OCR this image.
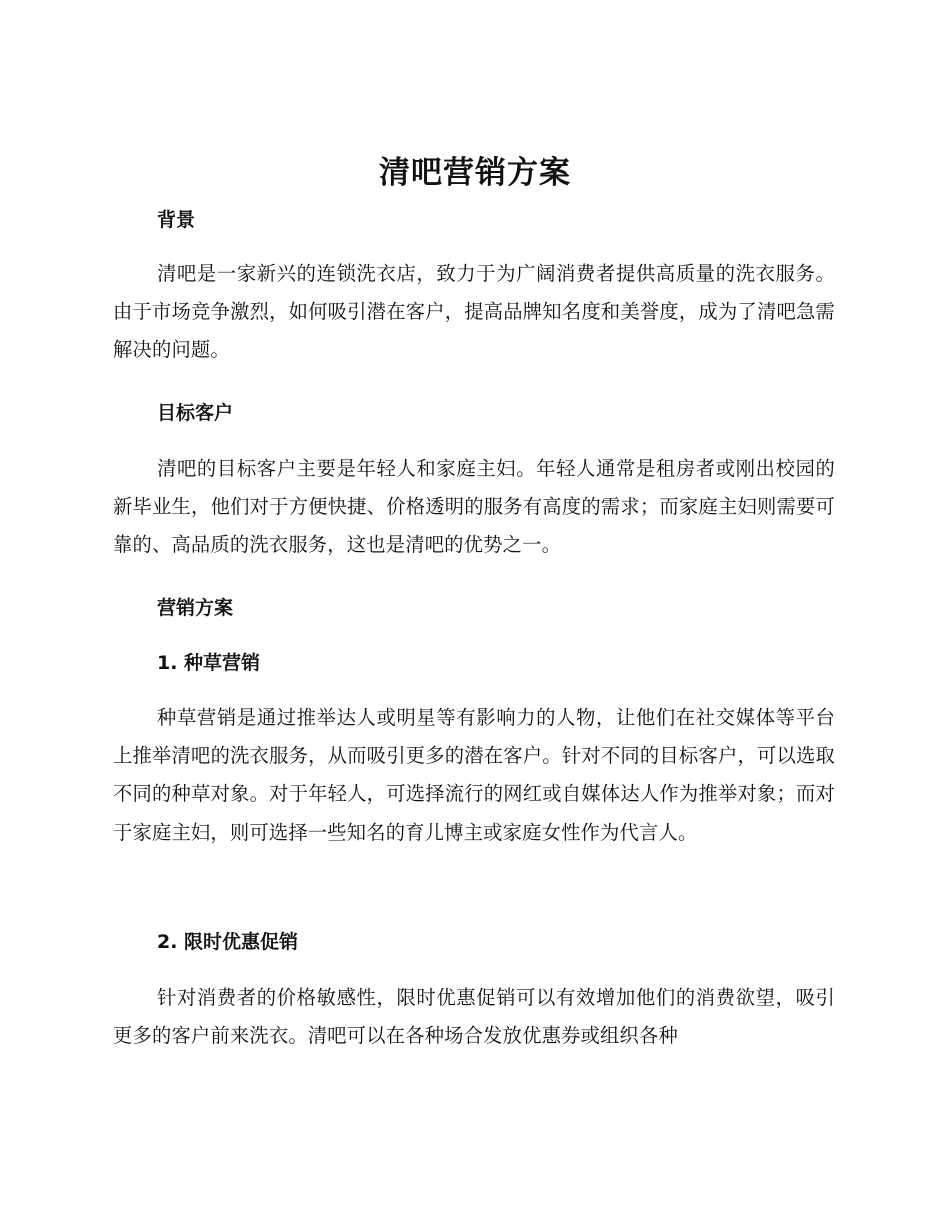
清吧营销方案
背景

清吧是一家新兴的连锁洗衣店，致力于为广阔消费者提供高质量的洗衣服务。由于市场竞争激烈，如何吸引潜在客户，提高品牌知名度和美誉度，成为了清吧急需解决的问题。

目标客户

清吧的目标客户主要是年轻人和家庭主妇。年轻人通常是租房者或刚出校园的新毕业生，他们对于方便快捷、价格透明的服务有高度的需求；而家庭主妇则需要可靠的、高品质的洗衣服务，这也是清吧的优势之一。

营销方案
1. 种草营销

种草营销是通过推举达人或明星等有影响力的人物，让他们在社交媒体等平台上推举清吧的洗衣服务，从而吸引更多的潜在客户。针对不同的目标客户，可以选取不同的种草对象。对于年轻人，可选择流行的网红或自媒体达人作为推举对象；而对于家庭主妇，则可选择一些知名的育儿博主或家庭女性作为代言人。

2. 限时优惠促销

针对消费者的价格敏感性，限时优惠促销可以有效增加他们的消费欲望，吸引更多的客户前来洗衣。清吧可以在各种场合发放优惠券或组织各种
